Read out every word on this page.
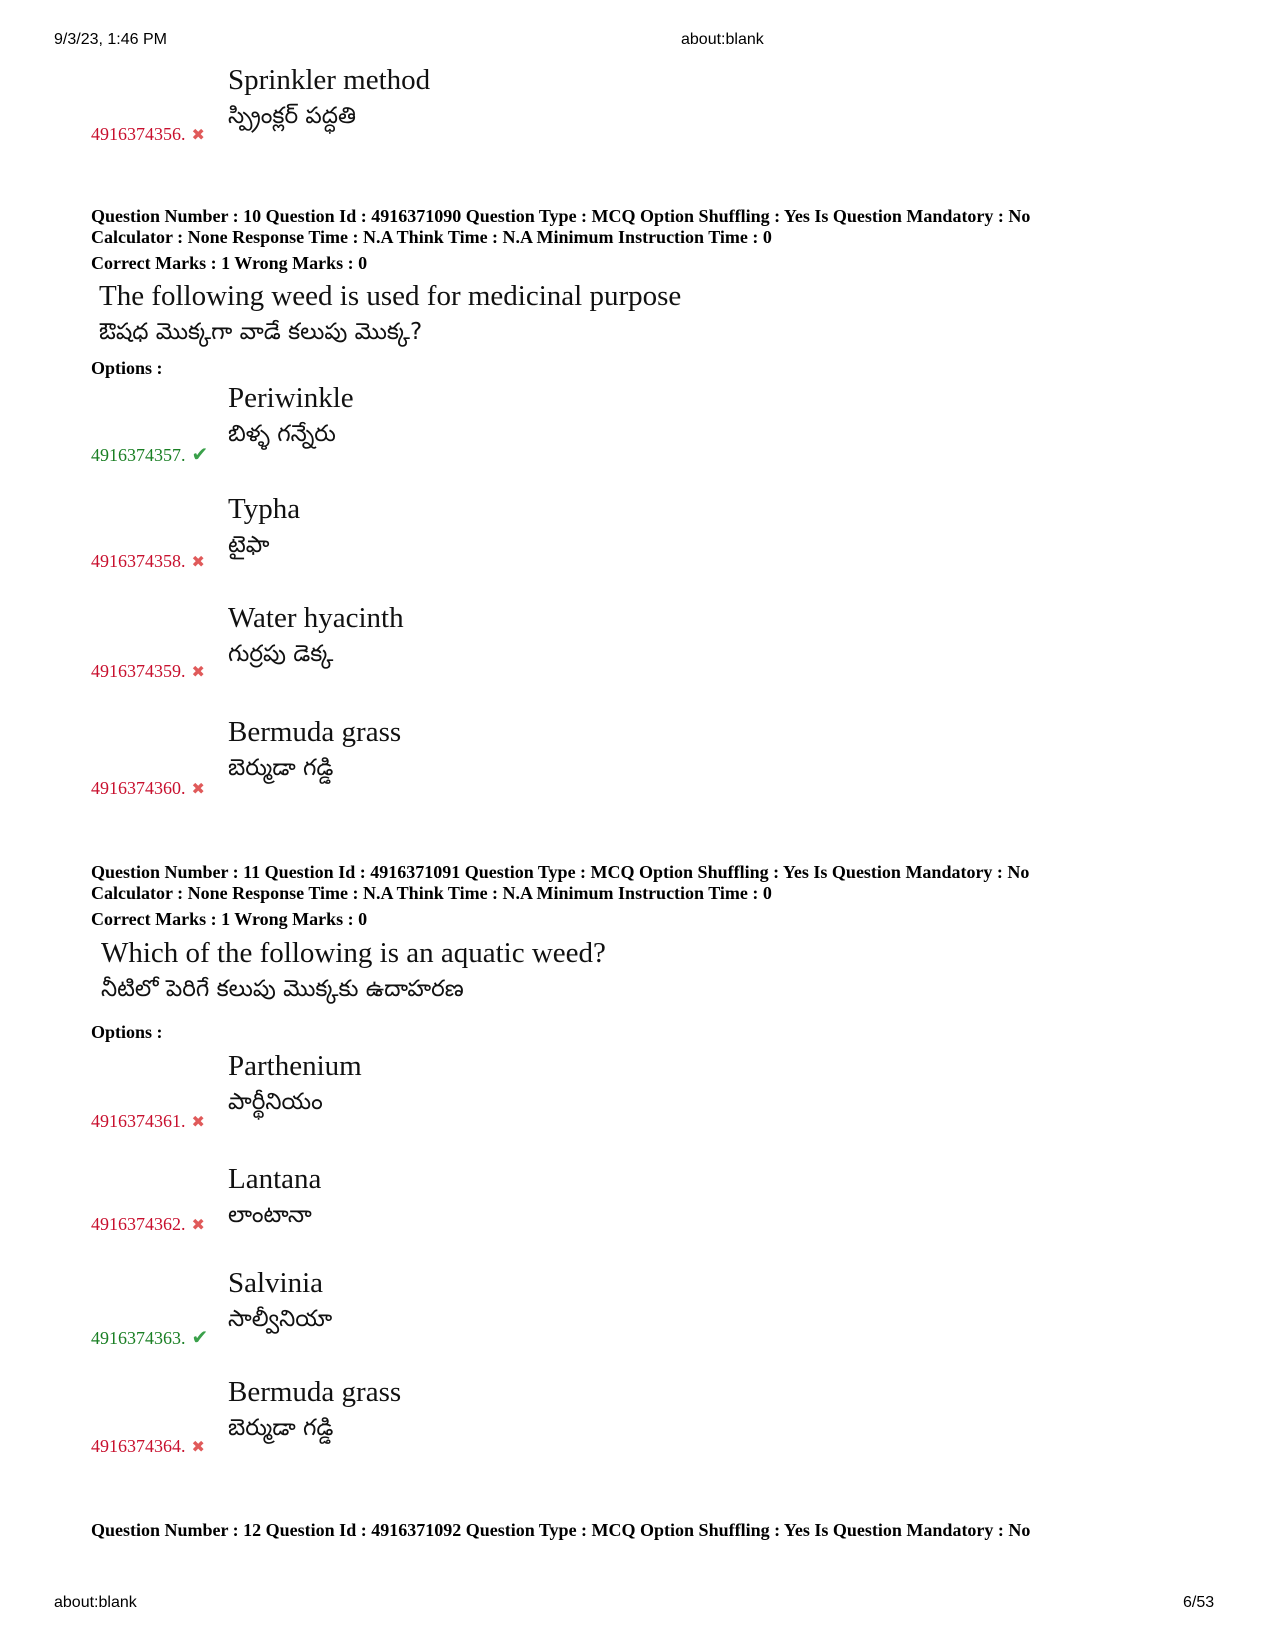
9/3/23, 1:46 PM	about:blank
about:blank	6/53
Sprinkler method
స్ప్రింక్లర్ పద్ధతి
4916374356. ✖
Question Number : 10 Question Id : 4916371090 Question Type : MCQ Option Shuffling : Yes Is Question Mandatory : No
Calculator : None Response Time : N.A Think Time : N.A Minimum Instruction Time : 0
Correct Marks : 1 Wrong Marks : 0
The following weed is used for medicinal purpose
ఔషధ మొక్కగా వాడే కలుపు మొక్క?
Options :
Periwinkle
బిళ్ళ గన్నేరు
4916374357. ✔
Typha
టైఫా
4916374358. ✖
Water hyacinth
గుర్రపు డెక్క
4916374359. ✖
Bermuda grass
బెర్ముడా గడ్డి
4916374360. ✖
Question Number : 11 Question Id : 4916371091 Question Type : MCQ Option Shuffling : Yes Is Question Mandatory : No
Calculator : None Response Time : N.A Think Time : N.A Minimum Instruction Time : 0
Correct Marks : 1 Wrong Marks : 0
Which of the following is an aquatic weed?
నీటిలో పెరిగే కలుపు మొక్కకు ఉదాహరణ
Options :
Parthenium
పార్థీనియం
4916374361. ✖
Lantana
లాంటానా
4916374362. ✖
Salvinia
సాల్వీనియా
4916374363. ✔
Bermuda grass
బెర్ముడా గడ్డి
4916374364. ✖
Question Number : 12 Question Id : 4916371092 Question Type : MCQ Option Shuffling : Yes Is Question Mandatory : No
